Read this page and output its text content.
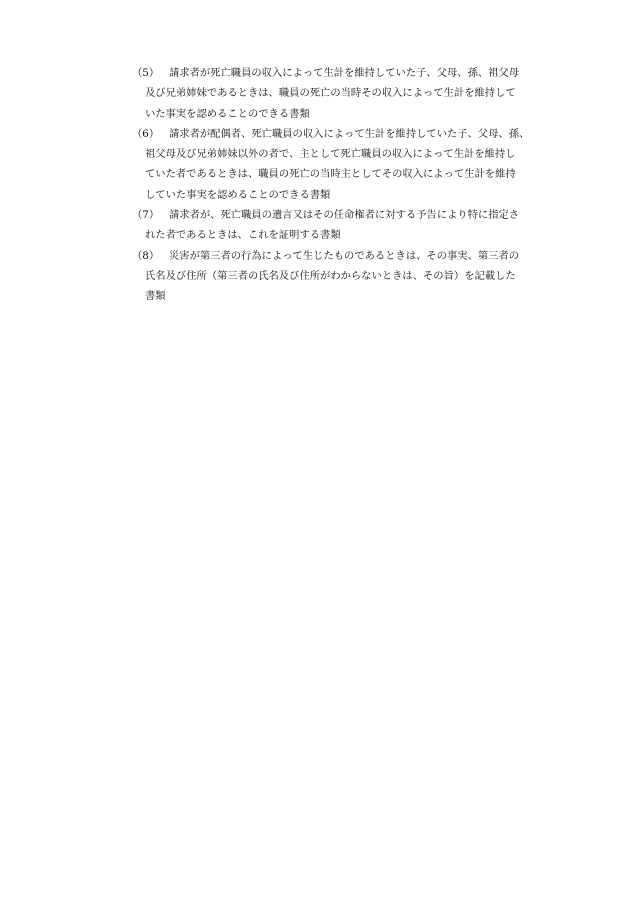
（5） 請求者が死亡職員の収入によって生計を維持していた子、父母、孫、祖父母
及び兄弟姉妹であるときは、職員の死亡の当時その収入によって生計を維持して
いた事実を認めることのできる書類
（6） 請求者が配偶者、死亡職員の収入によって生計を維持していた子、父母、孫、
祖父母及び兄弟姉妹以外の者で、主として死亡職員の収入によって生計を維持し
ていた者であるときは、職員の死亡の当時主としてその収入によって生計を維持
していた事実を認めることのできる書類
（7） 請求者が、死亡職員の遺言又はその任命権者に対する予告により特に指定さ
れた者であるときは、これを証明する書類
（8） 災害が第三者の行為によって生じたものであるときは、その事実、第三者の
氏名及び住所（第三者の氏名及び住所がわからないときは、その旨）を記載した
書類
